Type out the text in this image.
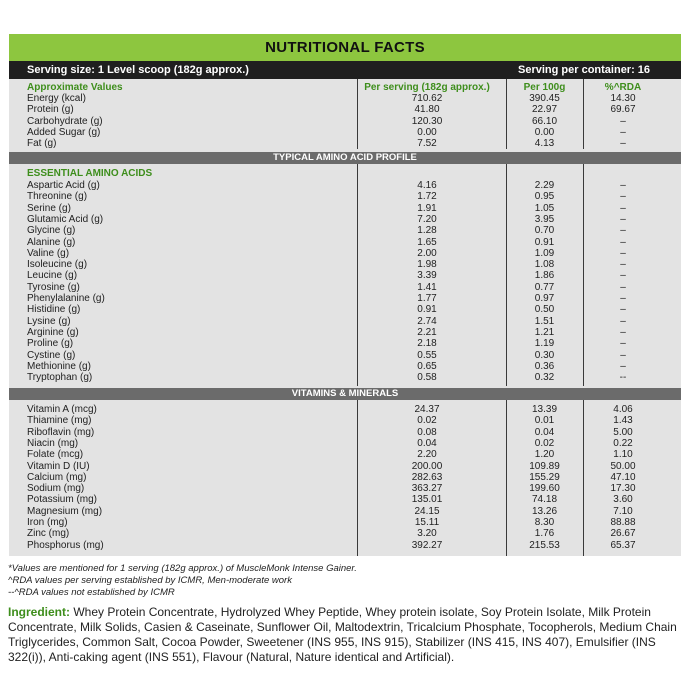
NUTRITIONAL FACTS
Serving size: 1 Level scoop (182g approx.)	Serving per container: 16
Approximate Values	Per serving (182g approx.)	Per 100g	%^RDA
Energy (kcal)	710.62	390.45	14.30
Protein (g)	41.80	22.97	69.67
Carbohydrate (g)	120.30	66.10	–
Added Sugar (g)	0.00	0.00	–
Fat (g)	7.52	4.13	–
TYPICAL AMINO ACID PROFILE
ESSENTIAL AMINO ACIDS
Aspartic Acid (g)	4.16	2.29	–
Threonine (g)	1.72	0.95	–
Serine (g)	1.91	1.05	–
Glutamic Acid (g)	7.20	3.95	–
Glycine (g)	1.28	0.70	–
Alanine (g)	1.65	0.91	–
Valine (g)	2.00	1.09	–
Isoleucine (g)	1.98	1.08	–
Leucine (g)	3.39	1.86	–
Tyrosine (g)	1.41	0.77	–
Phenylalanine (g)	1.77	0.97	–
Histidine (g)	0.91	0.50	–
Lysine (g)	2.74	1.51	–
Arginine (g)	2.21	1.21	–
Proline (g)	2.18	1.19	–
Cystine (g)	0.55	0.30	–
Methionine (g)	0.65	0.36	–
Tryptophan (g)	0.58	0.32	--
VITAMINS & MINERALS
Vitamin A (mcg)	24.37	13.39	4.06
Thiamine (mg)	0.02	0.01	1.43
Riboflavin (mg)	0.08	0.04	5.00
Niacin (mg)	0.04	0.02	0.22
Folate (mcg)	2.20	1.20	1.10
Vitamin D (IU)	200.00	109.89	50.00
Calcium (mg)	282.63	155.29	47.10
Sodium (mg)	363.27	199.60	17.30
Potassium (mg)	135.01	74.18	3.60
Magnesium (mg)	24.15	13.26	7.10
Iron (mg)	15.11	8.30	88.88
Zinc (mg)	3.20	1.76	26.67
Phosphorus (mg)	392.27	215.53	65.37
*Values are mentioned for 1 serving (182g approx.) of MuscleMonk Intense Gainer.
^RDA values per serving established by ICMR, Men-moderate work
--^RDA values not established by ICMR
Ingredient: Whey Protein Concentrate, Hydrolyzed Whey Peptide, Whey protein isolate, Soy Protein Isolate, Milk Protein Concentrate, Milk Solids, Casien & Caseinate, Sunflower Oil, Maltodextrin, Tricalcium Phosphate, Tocopherols, Medium Chain Triglycerides, Common Salt, Cocoa Powder, Sweetener (INS 955, INS 915), Stabilizer (INS 415, INS 407), Emulsifier (INS 322(i)), Anti-caking agent (INS 551), Flavour (Natural, Nature identical and Artificial).
